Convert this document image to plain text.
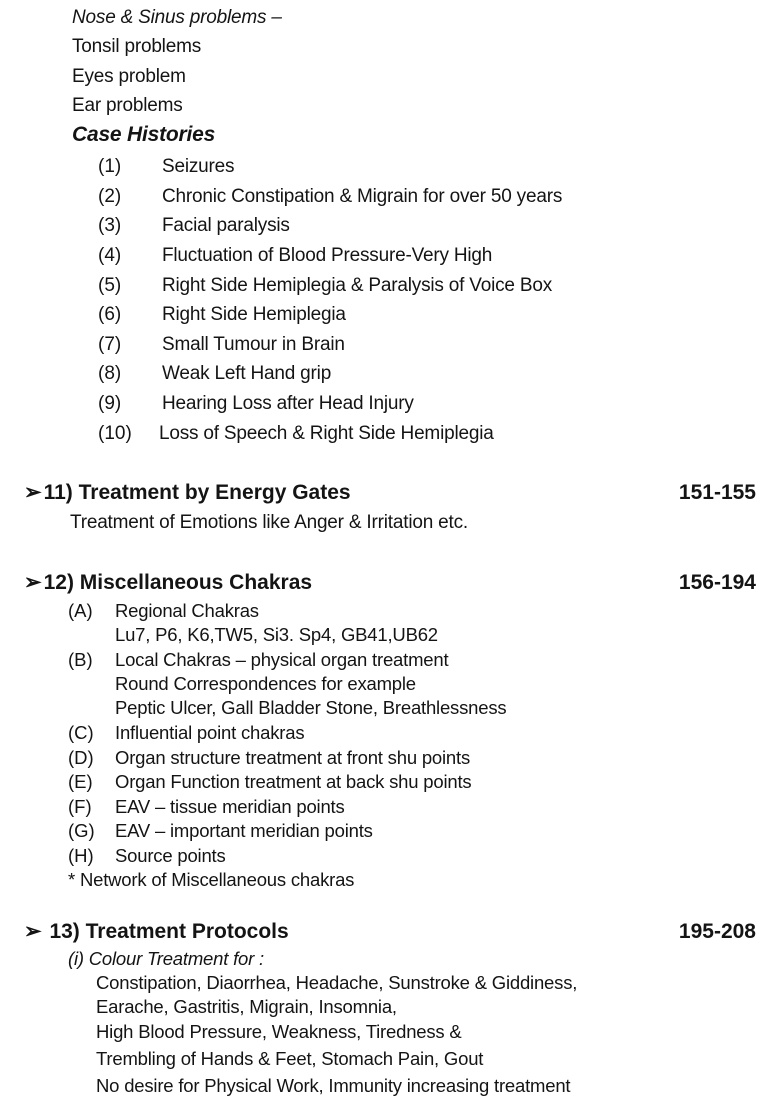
Nose & Sinus problems –
Tonsil problems
Eyes problem
Ear problems
Case Histories
(1) Seizures
(2) Chronic Constipation & Migrain for over 50 years
(3) Facial paralysis
(4) Fluctuation of Blood Pressure-Very High
(5) Right Side Hemiplegia & Paralysis of Voice Box
(6) Right Side Hemiplegia
(7) Small Tumour in Brain
(8) Weak Left Hand grip
(9) Hearing Loss after Head Injury
(10) Loss of Speech & Right Side Hemiplegia
➢11) Treatment by Energy Gates	151-155
Treatment of Emotions like Anger & Irritation etc.
➢12) Miscellaneous Chakras	156-194
(A) Regional Chakras
Lu7, P6, K6,TW5, Si3. Sp4, GB41,UB62
(B) Local Chakras – physical organ treatment
Round Correspondences for example
Peptic Ulcer, Gall Bladder Stone, Breathlessness
(C) Influential point chakras
(D) Organ structure treatment at front shu points
(E) Organ Function treatment at back shu points
(F) EAV – tissue meridian points
(G) EAV – important meridian points
(H) Source points
* Network of Miscellaneous chakras
➢ 13) Treatment Protocols	195-208
(i) Colour Treatment for :
Constipation, Diaorrhea, Headache, Sunstroke & Giddiness,
Earache, Gastritis, Migrain, Insomnia,
High Blood Pressure, Weakness, Tiredness &
Trembling of Hands & Feet, Stomach Pain, Gout
No desire for Physical Work, Immunity increasing treatment
